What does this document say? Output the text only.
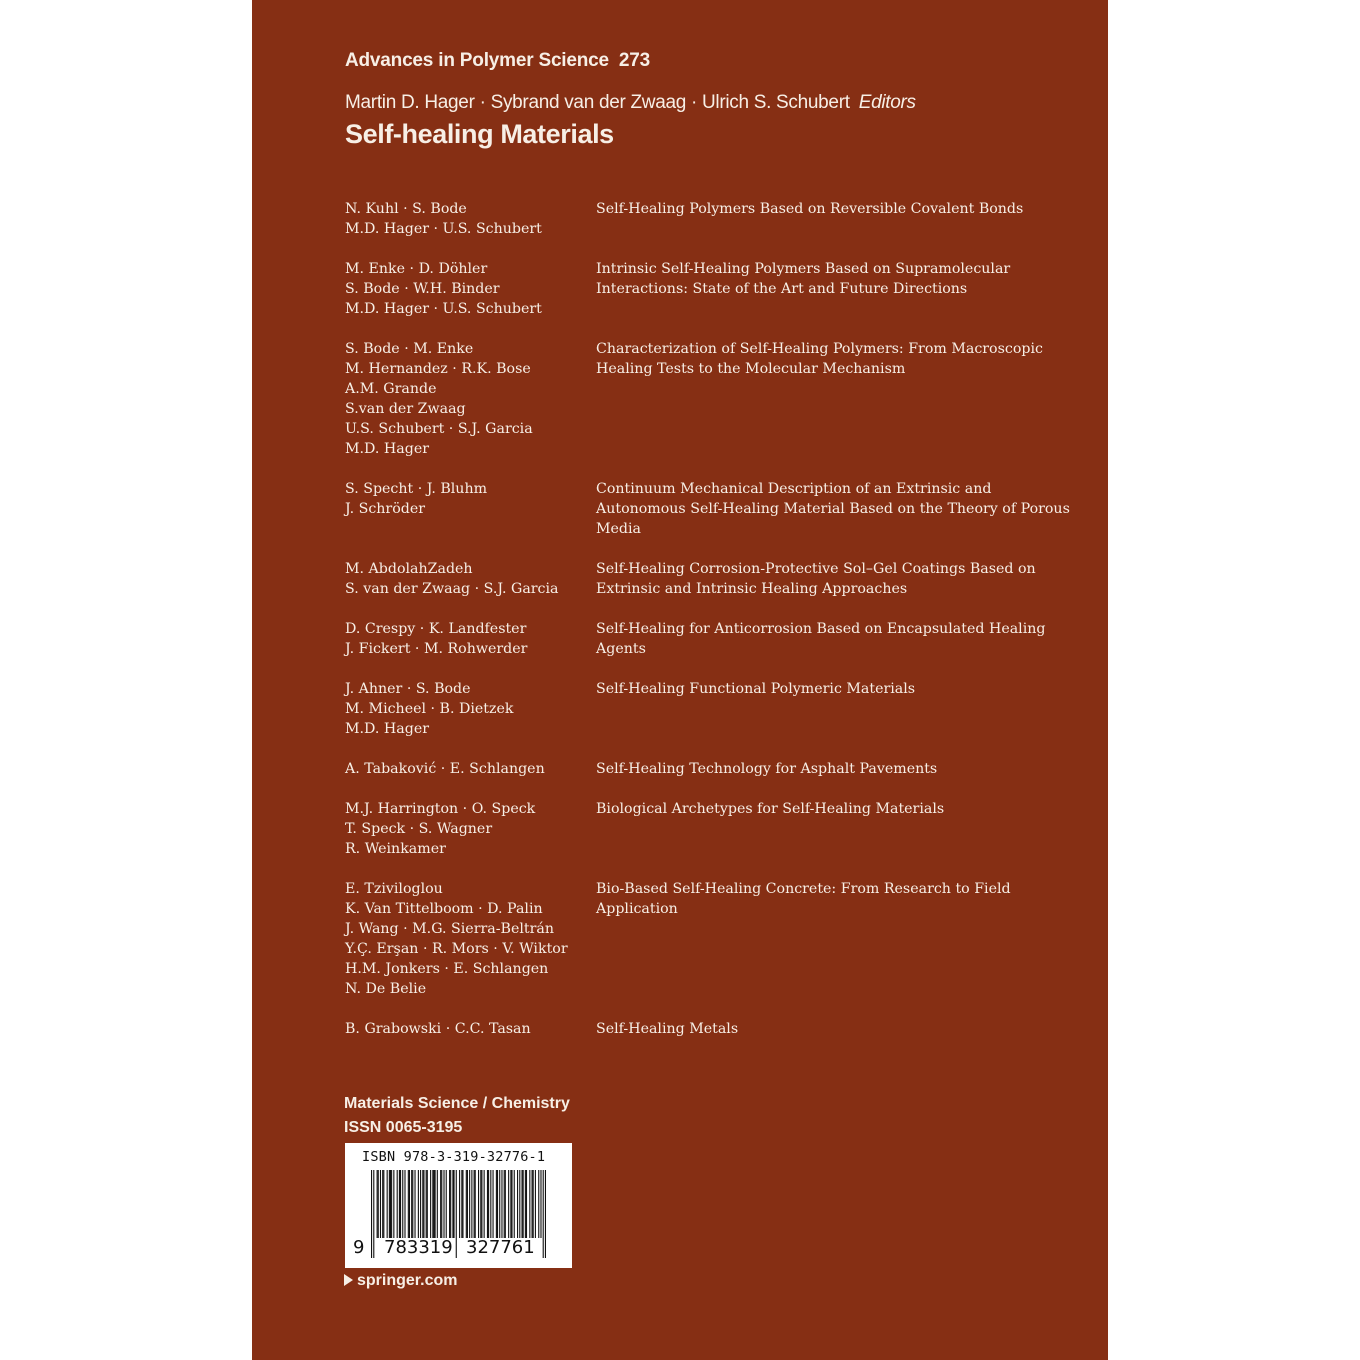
Advances in Polymer Science 273
Martin D. Hager · Sybrand van der Zwaag · Ulrich S. Schubert Editors
Self-healing Materials
N. Kuhl · S. Bode
M.D. Hager · U.S. Schubert
Self-Healing Polymers Based on Reversible Covalent Bonds
M. Enke · D. Döhler
S. Bode · W.H. Binder
M.D. Hager · U.S. Schubert
Intrinsic Self-Healing Polymers Based on Supramolecular Interactions: State of the Art and Future Directions
S. Bode · M. Enke
M. Hernandez · R.K. Bose
A.M. Grande
S.van der Zwaag
U.S. Schubert · S.J. Garcia
M.D. Hager
Characterization of Self-Healing Polymers: From Macroscopic Healing Tests to the Molecular Mechanism
S. Specht · J. Bluhm
J. Schröder
Continuum Mechanical Description of an Extrinsic and Autonomous Self-Healing Material Based on the Theory of Porous Media
M. AbdolahZadeh
S. van der Zwaag · S.J. Garcia
Self-Healing Corrosion-Protective Sol–Gel Coatings Based on Extrinsic and Intrinsic Healing Approaches
D. Crespy · K. Landfester
J. Fickert · M. Rohwerder
Self-Healing for Anticorrosion Based on Encapsulated Healing Agents
J. Ahner · S. Bode
M. Micheel · B. Dietzek
M.D. Hager
Self-Healing Functional Polymeric Materials
A. Tabaković · E. Schlangen	Self-Healing Technology for Asphalt Pavements
M.J. Harrington · O. Speck
T. Speck · S. Wagner
R. Weinkamer
Biological Archetypes for Self-Healing Materials
E. Tziviloglou
K. Van Tittelboom · D. Palin
J. Wang · M.G. Sierra-Beltrán
Y.Ç. Erşan · R. Mors · V. Wiktor
H.M. Jonkers · E. Schlangen
N. De Belie
Bio-Based Self-Healing Concrete: From Research to Field Application
B. Grabowski · C.C. Tasan	Self-Healing Metals
Materials Science / Chemistry
ISSN 0065-3195
ISBN 978-3-319-32776-1
9 783319 327761
springer.com
